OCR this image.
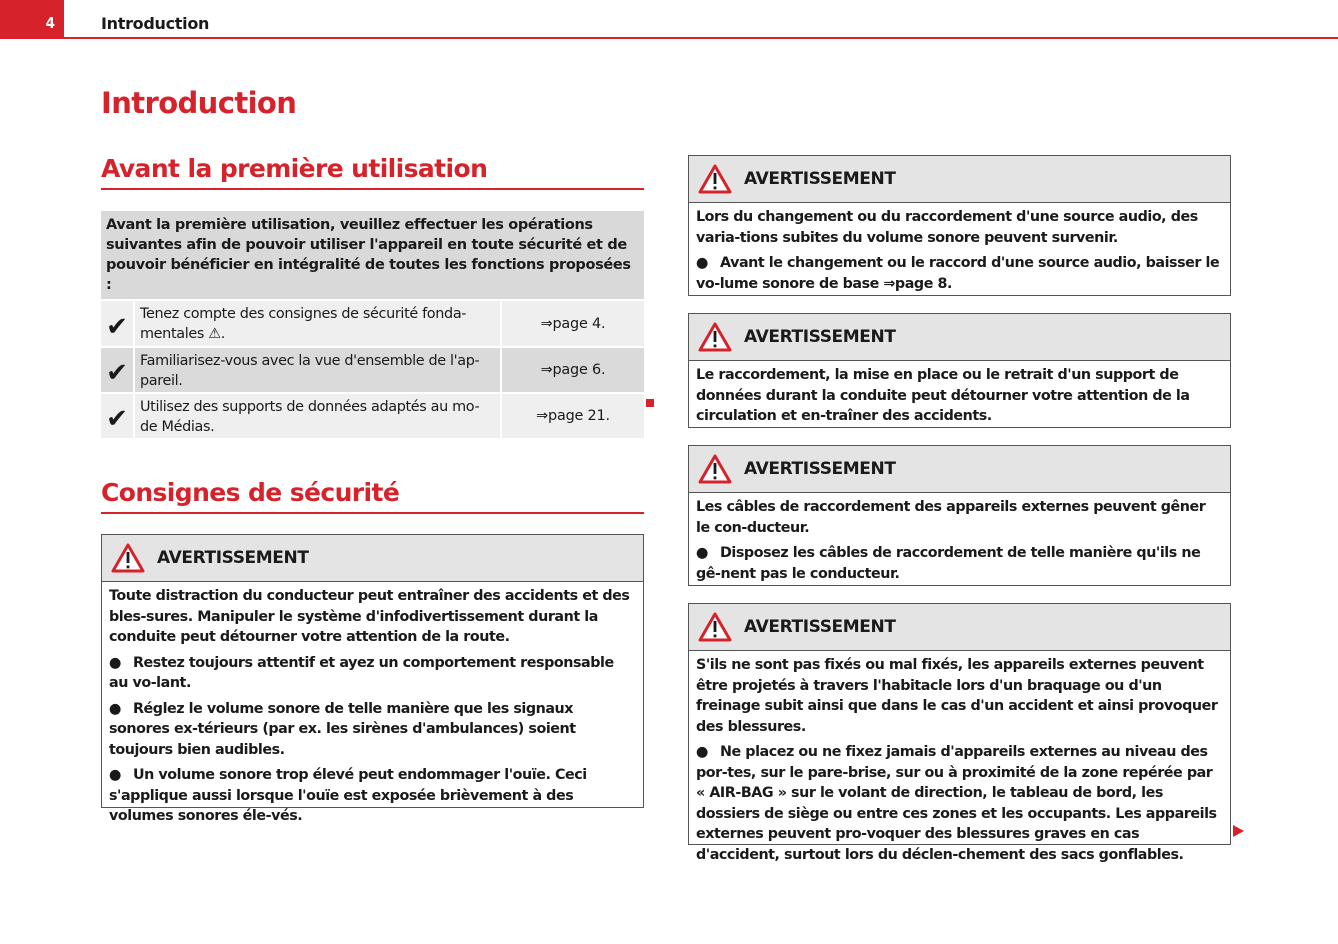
4	Introduction
Introduction
Avant la première utilisation
Avant la première utilisation, veuillez effectuer les opérations suivantes afin de pouvoir utiliser l'appareil en toute sécurité et de pouvoir bénéficier en intégralité de toutes les fonctions proposées :
✔ Tenez compte des consignes de sécurité fonda-mentales ⚠.
⇒page 4.
✔ Familiarisez-vous avec la vue d'ensemble de l'ap-pareil.
⇒page 6.
✔ Utilisez des supports de données adaptés au mo-de Médias.
⇒page 21.
Consignes de sécurité
AVERTISSEMENT

Toute distraction du conducteur peut entraîner des accidents et des bles-sures. Manipuler le système d'infodivertissement durant la conduite peut détourner votre attention de la route.

● Restez toujours attentif et ayez un comportement responsable au vo-lant.

● Réglez le volume sonore de telle manière que les signaux sonores ex-térieurs (par ex. les sirènes d'ambulances) soient toujours bien audibles.

● Un volume sonore trop élevé peut endommager l'ouïe. Ceci s'applique aussi lorsque l'ouïe est exposée brièvement à des volumes sonores éle-vés.

AVERTISSEMENT

Lors du changement ou du raccordement d'une source audio, des varia-tions subites du volume sonore peuvent survenir.

● Avant le changement ou le raccord d'une source audio, baisser le vo-lume sonore de base ⇒page 8.

AVERTISSEMENT

Le raccordement, la mise en place ou le retrait d'un support de données durant la conduite peut détourner votre attention de la circulation et en-traîner des accidents.

AVERTISSEMENT

Les câbles de raccordement des appareils externes peuvent gêner le con-ducteur.

● Disposez les câbles de raccordement de telle manière qu'ils ne gê-nent pas le conducteur.

AVERTISSEMENT

S'ils ne sont pas fixés ou mal fixés, les appareils externes peuvent être projetés à travers l'habitacle lors d'un braquage ou d'un freinage subit ainsi que dans le cas d'un accident et ainsi provoquer des blessures.

● Ne placez ou ne fixez jamais d'appareils externes au niveau des por-tes, sur le pare-brise, sur ou à proximité de la zone repérée par « AIR-BAG » sur le volant de direction, le tableau de bord, les dossiers de siège ou entre ces zones et les occupants. Les appareils externes peuvent pro-voquer des blessures graves en cas d'accident, surtout lors du déclen-chement des sacs gonflables.
